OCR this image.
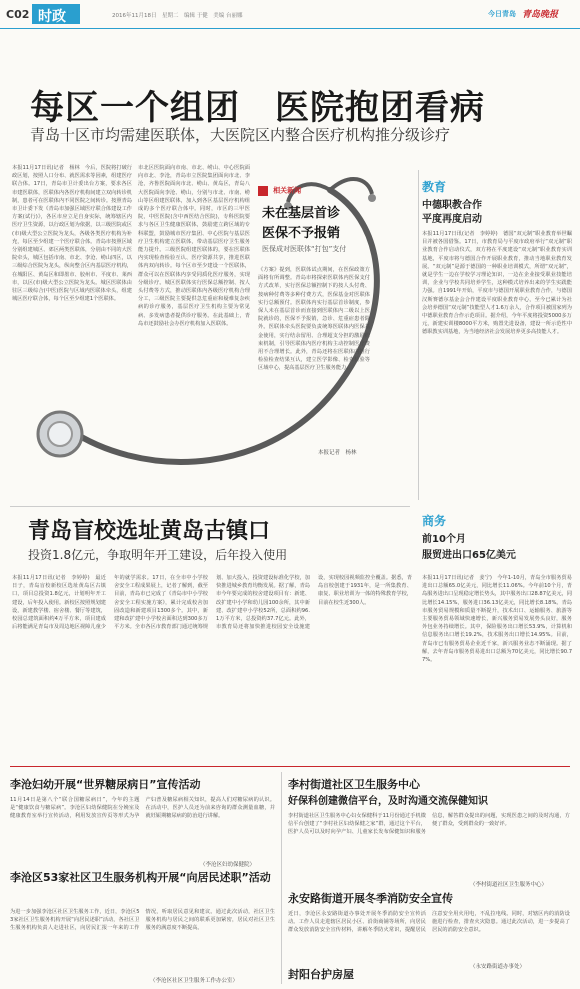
C02 时政	2016年11月18日　星期二　编辑 于健　美编 台丽娜	今日青岛 青岛晚报
每区一个组团　医院抱团看病
青岛十区市均需建医联体，大医院区内整合医疗机构推分级诊疗
本报11月17日讯(记者　杨林　今后，医院将打破行政区划，按照人口分布、就医需求等因素，组建医疗联合体。17日，青岛市卫计委出台方案，要求各区市建医联体，医联体内各医疗机构间建立双向转诊机制，患者可在医联体内不同医院之间转诊。按照青岛市卫计委下发《青岛市加强区域医疗联合体建设工作方案(试行)》，各区市应立足自身实际，统筹辖区内医疗卫生资源，以行政区划为依据，以三级医院或区(市)级大型公立医院为龙头，各级各类医疗机构为补充，每区至少组建一个医疗联合体。青岛市按照区域分别组建城区、郊区两类医联体，分别由不同的大医院牵头，城区包括市南、市北、李沧、崂山四区，以三级综合医院为龙头，纵向整合区内基层医疗机构，在城阳区、黄岛区和即墨市、胶州市、平度市、莱西市，以区(市)级大型公立医院为龙头。城区医联体由驻区三级综合(中医)医院与区域内医联体牵头，组建城区医疗联合体，每个区至少组建1个医联体。
市北区医院面向市南、市北、崂山、中心医院面向市北、李沧，青岛市立医院集团面向市北、李沧，齐鲁医院面向市北、崂山、黄岛区，青岛八大医院面向李沧、崂山，分别与市北、市南、崂山等区组建医联体，加入到各区基层医疗机构组成的多个医疗联合体中。同时，市区的三甲医院，中医医院(含中西医结合医院)，专科医院要求与各区卫生健康医联体，鼓励建立跨区域的专科联盟，鼓励城市医疗集团、中心医院与基层医疗卫生机构建立医联体，带动基层医疗卫生服务能力提升。三级医院组建医联体的，要在医联体内实现检查检验互认、医疗资源共享，推进医联体内双向转诊。每个区市至少建设一个医联体，群众可以在医联体内享受同质化医疗服务，实现分级诊疗。城区医联体实行医保总额控制、按人头付费等方式，推动医联体内各级医疗机构合理分工，三级医院主要提供急危重症和疑难复杂疾病的诊疗服务，基层医疗卫生机构主要为常见病、多发病患者提供诊疗服务。在此基础上，青岛市还鼓励社会办医疗机构加入医联体。
相关新闻
未在基层首诊
医保不予报销
医保成对医联体“打包”支付
《方案》提到，医联体试点期间，在医保政策方面将有所调整。青岛市将探索医联体内医保支付方式改革，实行医保总额控制下的按人头付费、按病种付费等多种付费方式，医保基金对医联体实行总额预付。医联体内实行基层首诊制度，参保人未在基层首诊而直接到医联体内二级以上医院就诊的，医保不予报销，急诊、危重症患者除外。医联体牵头医院要负责统筹医联体内医保基金使用，实行结余留用、合理超支分担的激励约束机制，引导医联体内医疗机构主动控制医疗费用不合理增长。此外，青岛还将在医联体内推行检验检查结果互认，建立医学影像、检查检验等区域中心，提高基层医疗卫生服务能力。
本报记者　杨林
教育
中德职教合作
平度再度启动
本报11月17日讯(记者　李婷婷)　德国“双元制”职业教育举世瞩目并被各国借鉴。17日，市教育局与平度市政府举行“双元制”职业教育合作启动仪式，双方将在平度建设“双元制”职业教育实训基地，平度市将与德国合作开展职业教育，推动当地职业教育发展。“双元制”是源于德国的一种职业培训模式，所谓“双元制”，就是学生一边在学校学习理论知识，一边在企业接受职业技能培训，企业与学校共同培养学生，这种模式培养出来的学生实践能力强。自1991年开始，平度市与德国开展职业教育合作，与德国汉斯赛德尔基金会合作建设平度职业教育中心，至今已累计为社会培养德国“双元制”技能型人才1.6万余人，合作项目被国家列为中德职业教育合作示范项目。据介绍，今年平度将投资5000多万元，新建实训楼8000平方米，购置先进设备，建设一所示范性中德职教实训基地，为当地经济社会发展培养更多高技能人才。
商务
前10个月
服贸进出口65亿美元
本报11月17日讯(记者　姜宁)　今年1-10月，青岛全市服务贸易进出口总额65.0亿美元，同比增长11.06%。今年前10个月，青岛服务进出口呈现稳定增长势头，其中服务出口28.87亿美元，同比增长14.15%，服务进口36.13亿美元，同比增长8.18%。青岛市服务贸易规模和质量不断提升，技术出口、运输服务、旅游等主要服务贸易领域快速增长，新兴服务贸易发展势头良好，服务外包业务持续增长。其中，保险服务出口增长53.9%，计算机和信息服务出口增长19.2%，技术服务出口增长14.95%。目前，青岛市已有服务贸易企业近千家，新兴服务业态不断涌现。据了解，去年青岛市服务贸易进出口总额为70亿美元，同比增长90.77%。
青岛盲校选址黄岛古镇口
投资1.8亿元，争取明年开工建设，后年投入使用
本报11月17日讯(记者　李婷婷)　最近日子，青岛盲校新校区选址黄岛区古镇口，项目总投资1.8亿元，计划明年开工建设，后年投入使用。新校区按照规划建设，新建教学楼、宿舍楼、餐厅等建筑，校园总建筑面积约4万平方米，项目建成后将能满足青岛市及周边地区视障儿童少年的就学需求。17日，在全市中小学校舍安全工程成果展上，记者了解到，截至目前，青岛市已完成了《青岛市中小学校舍安全工程实施方案》，累计完成校舍加固改造和新建项目1300多个。其中，新建和改扩建中小学校舍面积达到300多万平方米。全市各区市教育部门通过统筹规划、加大投入，投资建设标准化学校，加快推进城乡教育均衡发展。据了解，青岛市今年要完成的校舍建设项目有：新建、改扩建中小学和幼儿园100余所，其中新建、改扩建中小学校52所，总面积约96.1万平方米，总投资约37.7亿元。此外，市教育局还将加快推进校园安全设施建设，实现校园视频监控全覆盖。据悉，青岛盲校创建于1931年，是一所集教育、康复、职业培训为一体的特殊教育学校，目前在校生近300人。
李沧妇幼开展“世界糖尿病日”宣传活动
11月14日是第八个“联合国糖尿病日”，今年的主题是“健康饮食与糖尿病”。李沧区妇幼保健院在分娩室及健康教育室举行宣传活动，利用发放宣传页等形式为孕产妇普及糖尿病相关知识，提高人们对糖尿病的认识。在活动中，医护人员还为前来咨询的群众测量血糖，并就妊娠期糖尿病的防治进行讲解。
（李沧区妇幼保健院）
李沧区53家社区卫生服务机构开展“向居民述职”活动
为进一步加强李沧区社区卫生服务工作，近日，李沧区53家社区卫生服务机构开展“向居民述职”活动，各社区卫生服务机构负责人走进社区，向居民汇报一年来的工作情况，听取居民意见和建议。通过此次活动，社区卫生服务机构与居民之间的联系更加紧密，居民对社区卫生服务的满意度不断提高。
（李沧区社区卫生服务工作办公室）
李村街道社区卫生服务中心
好保科创建微信平台，及时沟通交流保健知识
李村街道社区卫生服务中心妇女保健科于11月份通过手机微信平台创建了“李村社区妇幼保健之家”群，通过这个平台，医护人员可以及时向孕产妇、儿童家长发布保健知识和服务信息，解答群众提出的问题，实现医患之间的及时沟通，方便了群众，受到群众的一致好评。
（李村街道社区卫生服务中心）
永安路街道开展冬季消防安全宣传
近日，李沧区永安路街道办事处开展冬季消防安全宣传活动。工作人员走进辖区居民小区、沿街商铺等场所，向居民群众发放消防安全宣传材料，讲解冬季防火常识，提醒居民注意安全用火用电，不乱拉电线。同时，对辖区内的消防设施进行检查，排查火灾隐患。通过此次活动，进一步提高了居民的消防安全意识。
（永安路街道办事处）
封阳台护房屋
